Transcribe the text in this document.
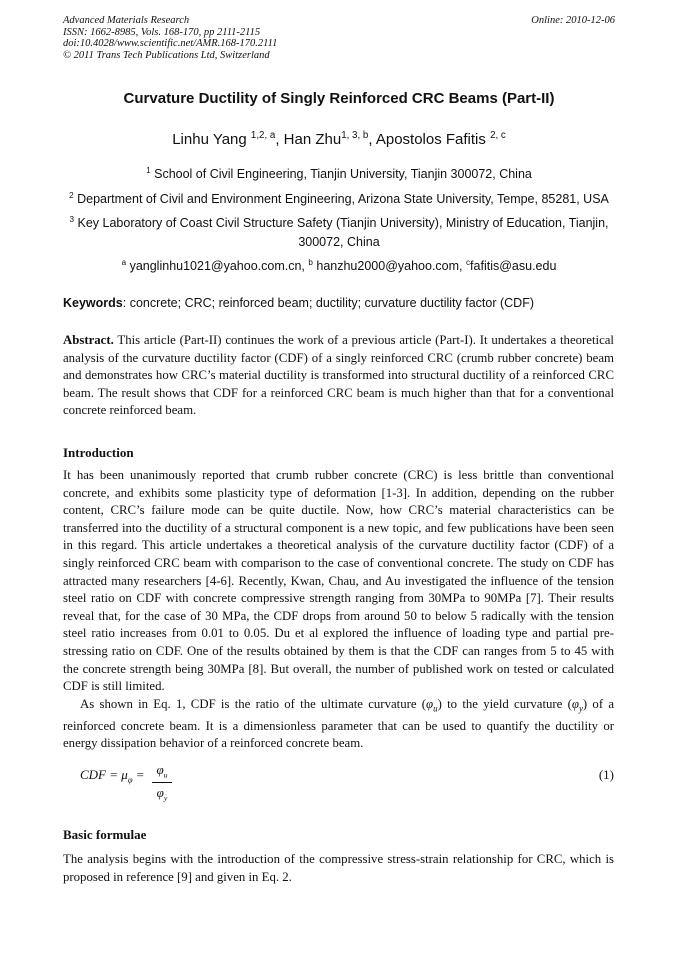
Advanced Materials Research
ISSN: 1662-8985, Vols. 168-170, pp 2111-2115
doi:10.4028/www.scientific.net/AMR.168-170.2111
© 2011 Trans Tech Publications Ltd, Switzerland
Online: 2010-12-06
Curvature Ductility of Singly Reinforced CRC Beams (Part-II)
Linhu Yang $^{1,2, a}$, Han Zhu$^{1, 3, b}$, Apostolos Fafitis $^{2, c}$
$^1$ School of Civil Engineering, Tianjin University, Tianjin 300072, China
$^2$ Department of Civil and Environment Engineering, Arizona State University, Tempe, 85281, USA
$^3$ Key Laboratory of Coast Civil Structure Safety (Tianjin University), Ministry of Education, Tianjin, 300072, China
$^a$ yanglinhu1021@yahoo.com.cn, $^b$ hanzhu2000@yahoo.com, $^c$fafitis@asu.edu
Keywords: concrete; CRC; reinforced beam; ductility; curvature ductility factor (CDF)

Abstract. This article (Part-II) continues the work of a previous article (Part-I). It undertakes a theoretical analysis of the curvature ductility factor (CDF) of a singly reinforced CRC (crumb rubber concrete) beam and demonstrates how CRC’s material ductility is transformed into structural ductility of a reinforced CRC beam. The result shows that CDF for a reinforced CRC beam is much higher than that for a conventional concrete reinforced beam.

Introduction

It has been unanimously reported that crumb rubber concrete (CRC) is less brittle than conventional concrete, and exhibits some plasticity type of deformation [1-3]. In addition, depending on the rubber content, CRC’s failure mode can be quite ductile. Now, how CRC’s material characteristics can be transferred into the ductility of a structural component is a new topic, and few publications have been seen in this regard. This article undertakes a theoretical analysis of the curvature ductility factor (CDF) of a singly reinforced CRC beam with comparison to the case of conventional concrete. The study on CDF has attracted many researchers [4-6]. Recently, Kwan, Chau, and Au investigated the influence of the tension steel ratio on CDF with concrete compressive strength ranging from 30MPa to 90MPa [7]. Their results reveal that, for the case of 30 MPa, the CDF drops from around 50 to below 5 radically with the tension steel ratio increases from 0.01 to 0.05. Du et al explored the influence of loading type and partial pre-stressing ratio on CDF. One of the results obtained by them is that the CDF can ranges from 5 to 45 with the concrete strength being 30MPa [8]. But overall, the number of published work on tested or calculated CDF is still limited.

As shown in Eq. 1, CDF is the ratio of the ultimate curvature $(\varphi_u)$ to the yield curvature $(\varphi_y)$ of a reinforced concrete beam. It is a dimensionless parameter that can be used to quantify the ductility or energy dissipation behavior of a reinforced concrete beam.

CDF = $\mu_\varphi = \frac{\varphi_u}{\varphi_y}$	(1)
Basic formulae

The analysis begins with the introduction of the compressive stress-strain relationship for CRC, which is proposed in reference [9] and given in Eq. 2.
